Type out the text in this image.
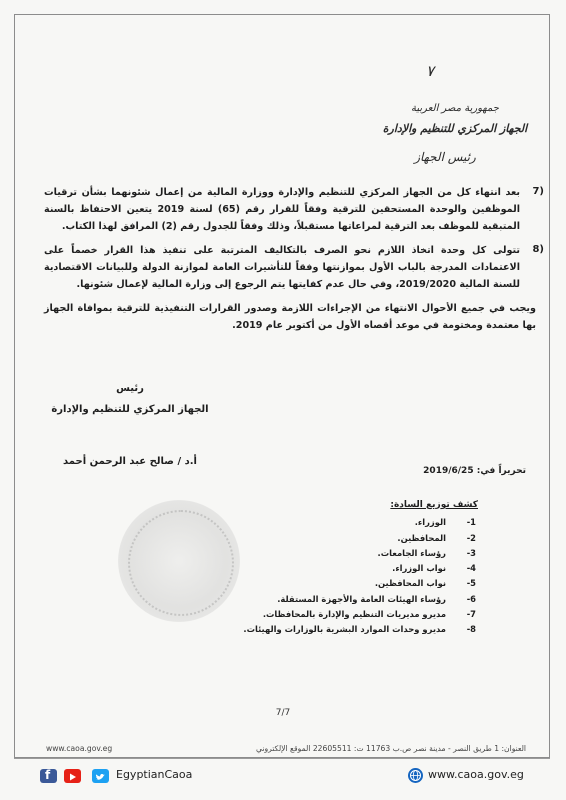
٧
جمهورية مصر العربية
الجهاز المركزي للتنظيم والإدارة
رئيس الجهاز
7)
بعد انتهاء كل من الجهاز المركزي للتنظيم والإدارة ووزارة المالية من إعمال شئونهما بشأن ترقيات الموظفين والوحدة المستحقين للترقية وفقاً للقرار رقم (65) لسنة 2019 يتعين الاحتفاظ بالسنة المتبقية للموظف بعد الترقية لمراعاتها مستقبلاً، وذلك وفقاً للجدول رقم (2) المرافق لهذا الكتاب.
8)
تتولى كل وحدة اتخاذ اللازم نحو الصرف بالتكاليف المترتبة على تنفيذ هذا القرار خصماً على الاعتمادات المدرجة بالباب الأول بموازنتها وفقاً للتأشيرات العامة لموازنة الدولة وللبيانات الاقتصادية للسنة المالية 2019/2020، وفي حال عدم كفايتها يتم الرجوع إلى وزارة المالية لإعمال شئونها.
ويجب في جميع الأحوال الانتهاء من الإجراءات اللازمة وصدور القرارات التنفيذية للترقية بموافاة الجهاز بها معتمدة ومختومة في موعد أقصاه الأول من أكتوبر عام 2019.
رئيس
الجهاز المركزي للتنظيم والإدارة
أ.د / صالح عبد الرحمن أحمد
تحريراً في: 2019/6/25
كشف توزيع السادة:
-1
الوزراء.
-2
المحافظين.
-3
رؤساء الجامعات.
-4
نواب الوزراء.
-5
نواب المحافظين.
-6
رؤساء الهيئات العامة والأجهزة المستقلة.
-7
مديرو مديريات التنظيم والإدارة بالمحافظات.
-8
مديرو وحدات الموارد البشرية بالوزارات والهيئات.
7/7
العنوان: 1 طريق النصر - مدينة نصر ص.ب 11763 ت: 22605511 الموقع الإلكتروني
www.caoa.gov.eg
f	EgyptianCaoa	www.caoa.gov.eg
